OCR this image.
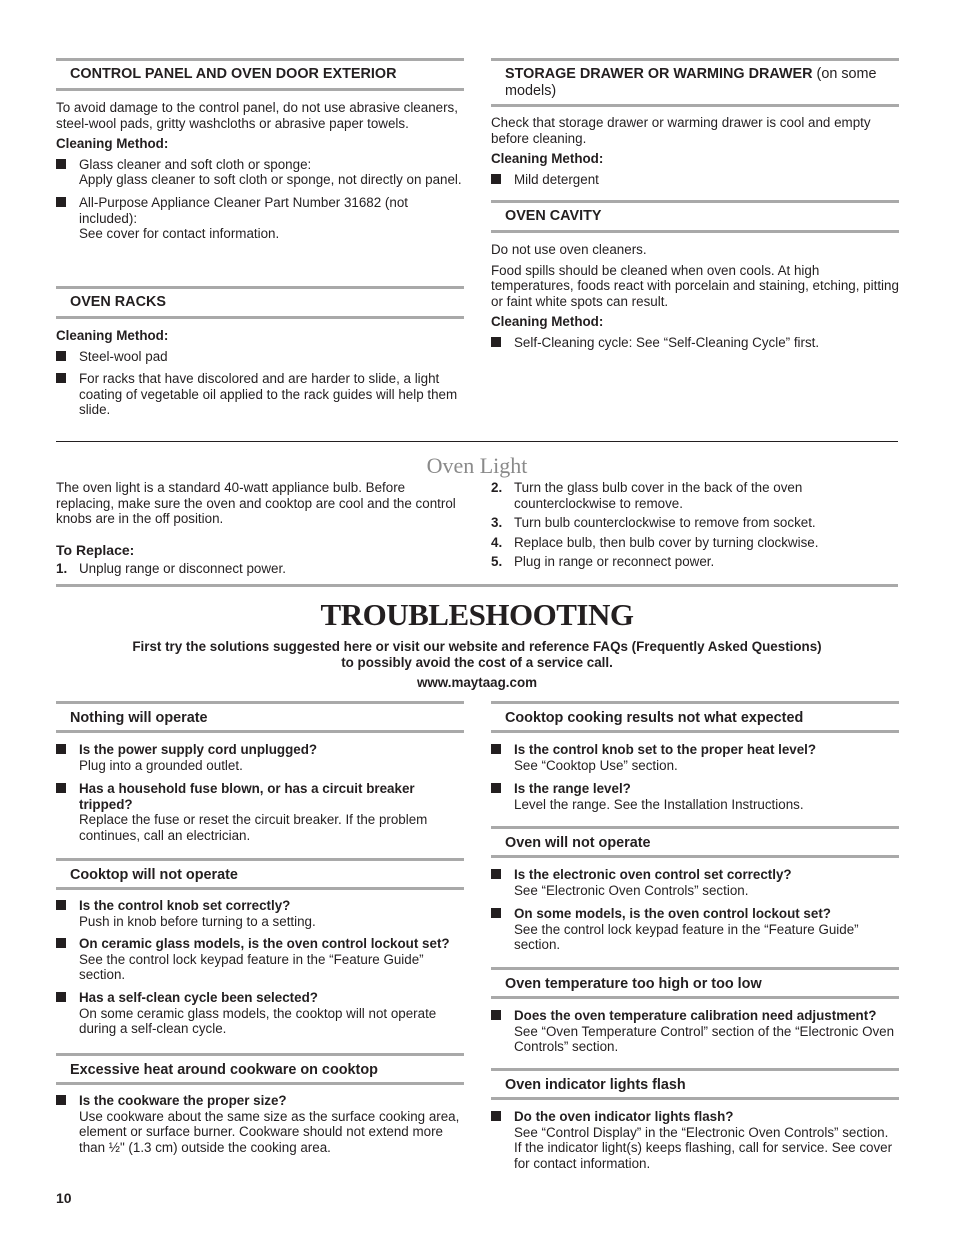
CONTROL PANEL AND OVEN DOOR EXTERIOR

To avoid damage to the control panel, do not use abrasive cleaners, steel-wool pads, gritty washcloths or abrasive paper towels.

Cleaning Method:

Glass cleaner and soft cloth or sponge:
Apply glass cleaner to soft cloth or sponge, not directly on panel.
All-Purpose Appliance Cleaner Part Number 31682 (not included):
See cover for contact information.
OVEN RACKS

Cleaning Method:

Steel-wool pad
For racks that have discolored and are harder to slide, a light coating of vegetable oil applied to the rack guides will help them slide.
STORAGE DRAWER OR WARMING DRAWER (on some models)

Check that storage drawer or warming drawer is cool and empty before cleaning.

Cleaning Method:

Mild detergent
OVEN CAVITY

Do not use oven cleaners.

Food spills should be cleaned when oven cools. At high temperatures, foods react with porcelain and staining, etching, pitting or faint white spots can result.

Cleaning Method:

Self-Cleaning cycle: See “Self-Cleaning Cycle” first.
Oven Light

The oven light is a standard 40-watt appliance bulb. Before replacing, make sure the oven and cooktop are cool and the control knobs are in the off position.

To Replace:

1. Unplug range or disconnect power.
2. Turn the glass bulb cover in the back of the oven counterclockwise to remove.
3. Turn bulb counterclockwise to remove from socket.
4. Replace bulb, then bulb cover by turning clockwise.
5. Plug in range or reconnect power.
TROUBLESHOOTING
First try the solutions suggested here or visit our website and reference FAQs (Frequently Asked Questions)
to possibly avoid the cost of a service call.
www.maytaag.com
Nothing will operate
Is the power supply cord unplugged?
Plug into a grounded outlet.
Has a household fuse blown, or has a circuit breaker tripped?
Replace the fuse or reset the circuit breaker. If the problem continues, call an electrician.
Cooktop will not operate
Is the control knob set correctly?
Push in knob before turning to a setting.
On ceramic glass models, is the oven control lockout set?
See the control lock keypad feature in the “Feature Guide” section.
Has a self-clean cycle been selected?
On some ceramic glass models, the cooktop will not operate during a self-clean cycle.
Excessive heat around cookware on cooktop
Is the cookware the proper size?
Use cookware about the same size as the surface cooking area, element or surface burner. Cookware should not extend more than ½" (1.3 cm) outside the cooking area.
Cooktop cooking results not what expected
Is the control knob set to the proper heat level?
See “Cooktop Use” section.
Is the range level?
Level the range. See the Installation Instructions.
Oven will not operate
Is the electronic oven control set correctly?
See “Electronic Oven Controls” section.
On some models, is the oven control lockout set?
See the control lock keypad feature in the “Feature Guide” section.
Oven temperature too high or too low
Does the oven temperature calibration need adjustment?
See “Oven Temperature Control” section of the “Electronic Oven Controls” section.
Oven indicator lights flash
Do the oven indicator lights flash?
See “Control Display” in the “Electronic Oven Controls” section. If the indicator light(s) keeps flashing, call for service. See cover for contact information.
10
